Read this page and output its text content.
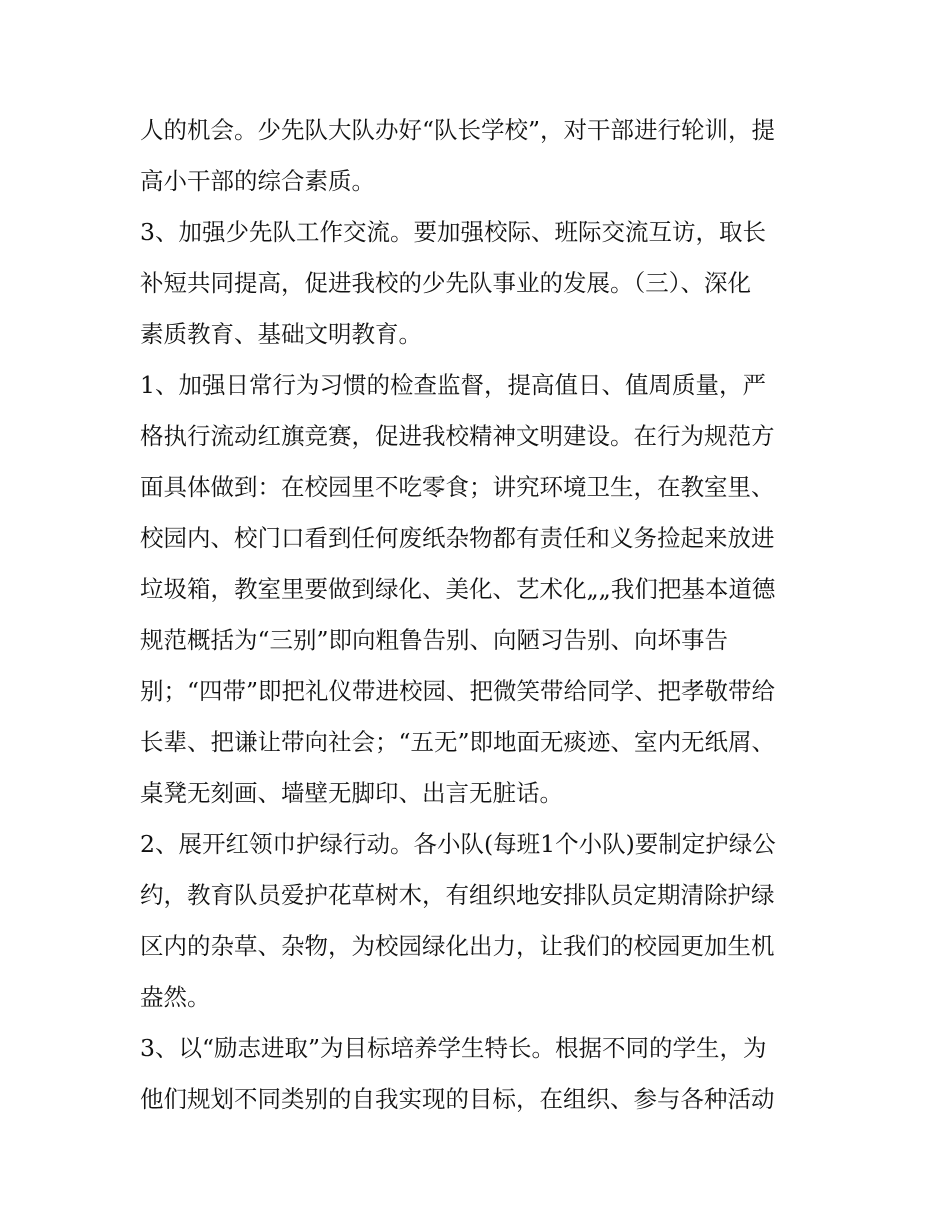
人的机会。少先队大队办好“队长学校”，对干部进行轮训，提

高小干部的综合素质。

3、加强少先队工作交流。要加强校际、班际交流互访，取长

补短共同提高，促进我校的少先队事业的发展。（三）、深化

素质教育、基础文明教育。

1、加强日常行为习惯的检查监督，提高值日、值周质量，严

格执行流动红旗竞赛，促进我校精神文明建设。在行为规范方

面具体做到：在校园里不吃零食；讲究环境卫生，在教室里、

校园内、校门口看到任何废纸杂物都有责任和义务捡起来放进

垃圾箱，教室里要做到绿化、美化、艺术化„„我们把基本道德

规范概括为“三别”即向粗鲁告别、向陋习告别、向坏事告

别；“四带”即把礼仪带进校园、把微笑带给同学、把孝敬带给

长辈、把谦让带向社会；“五无”即地面无痰迹、室内无纸屑、

桌凳无刻画、墙壁无脚印、出言无脏话。

2、展开红领巾护绿行动。各小队(每班1个小队)要制定护绿公

约，教育队员爱护花草树木，有组织地安排队员定期清除护绿

区内的杂草、杂物，为校园绿化出力，让我们的校园更加生机

盎然。

3、以“励志进取”为目标培养学生特长。根据不同的学生，为

他们规划不同类别的自我实现的目标，在组织、参与各种活动
